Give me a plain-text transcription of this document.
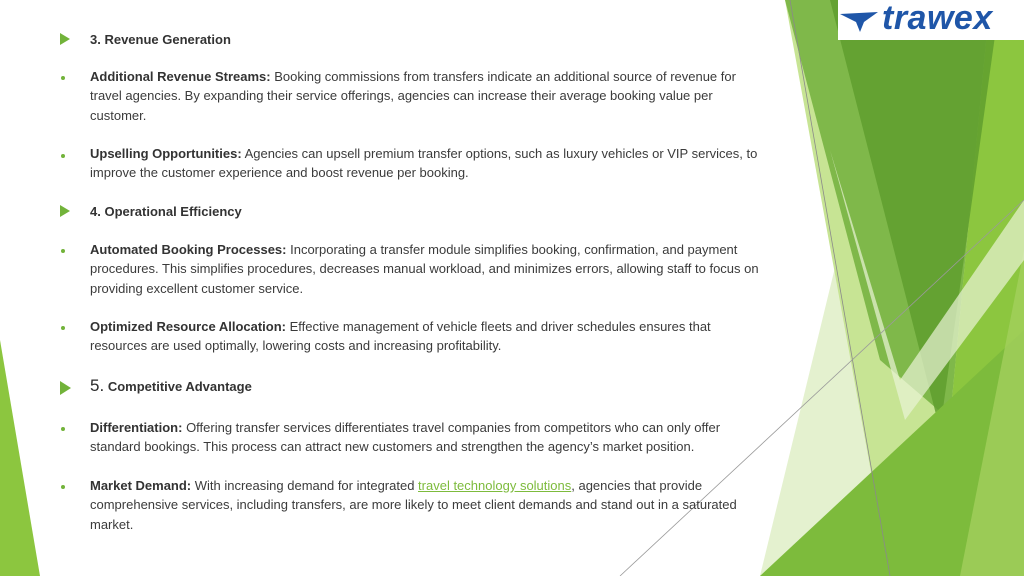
trawex
3. Revenue Generation
Additional Revenue Streams: Booking commissions from transfers indicate an additional source of revenue for travel agencies. By expanding their service offerings, agencies can increase their average booking value per customer.
Upselling Opportunities: Agencies can upsell premium transfer options, such as luxury vehicles or VIP services, to improve the customer experience and boost revenue per booking.
4. Operational Efficiency
Automated Booking Processes: Incorporating a transfer module simplifies booking, confirmation, and payment procedures. This simplifies procedures, decreases manual workload, and minimizes errors, allowing staff to focus on providing excellent customer service.
Optimized Resource Allocation: Effective management of vehicle fleets and driver schedules ensures that resources are used optimally, lowering costs and increasing profitability.
5. Competitive Advantage
Differentiation: Offering transfer services differentiates travel companies from competitors who can only offer standard bookings. This process can attract new customers and strengthen the agency’s market position.
Market Demand: With increasing demand for integrated travel technology solutions, agencies that provide comprehensive services, including transfers, are more likely to meet client demands and stand out in a saturated market.
